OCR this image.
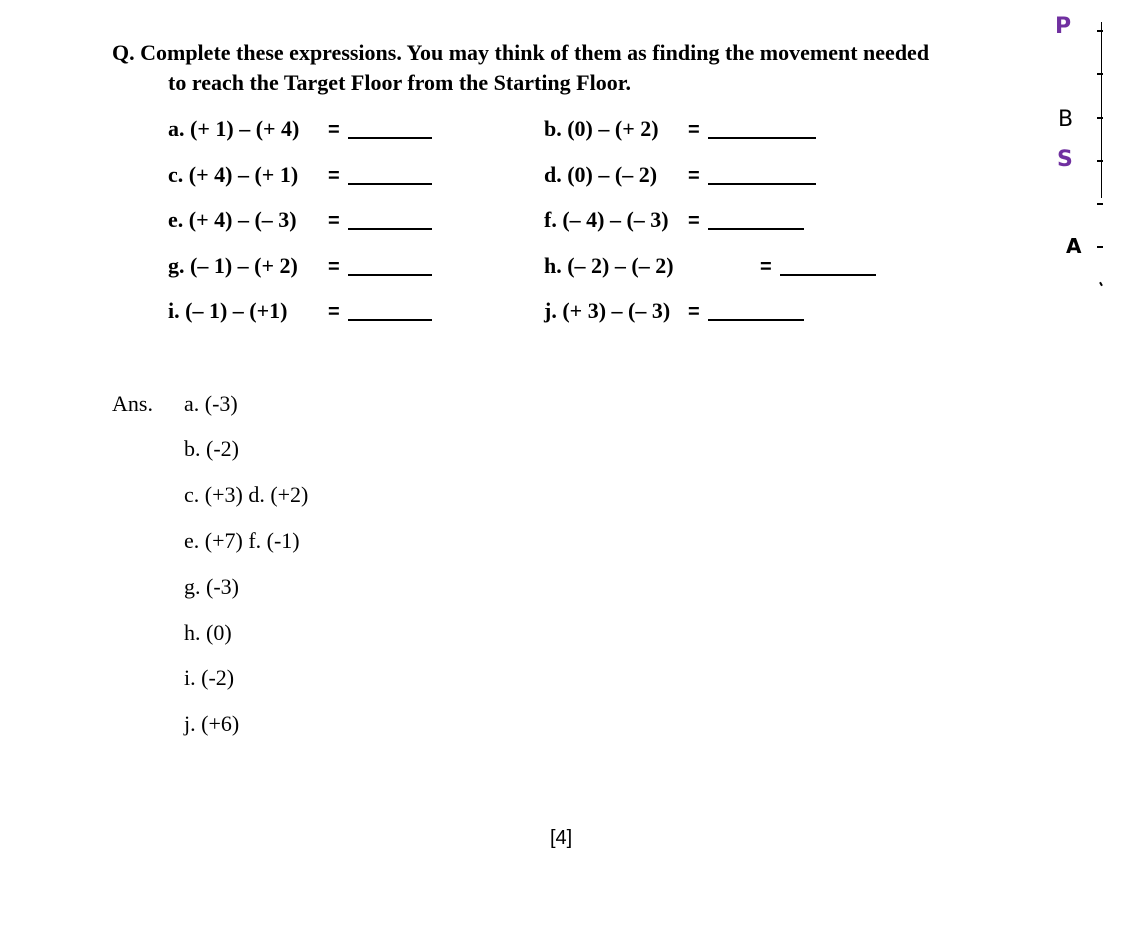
Q. Complete these expressions. You may think of them as finding the movement needed
to reach the Target Floor from the Starting Floor.
a. (+ 1) – (+ 4) =	b. (0) – (+ 2) =
c. (+ 4) – (+ 1) =	d. (0) – (– 2) =
e. (+ 4) – (– 3) =	f. (– 4) – (– 3) =
g. (– 1) – (+ 2) =	h. (– 2) – (– 2)	=
i. (– 1) – (+1) =	j. (+ 3) – (– 3) =
Ans. a. (-3)
b. (-2)
c. (+3) d. (+2)
e. (+7) f. (-1)
g. (-3)
h. (0)
i. (-2)
j. (+6)
[4]
P
B
S
A
